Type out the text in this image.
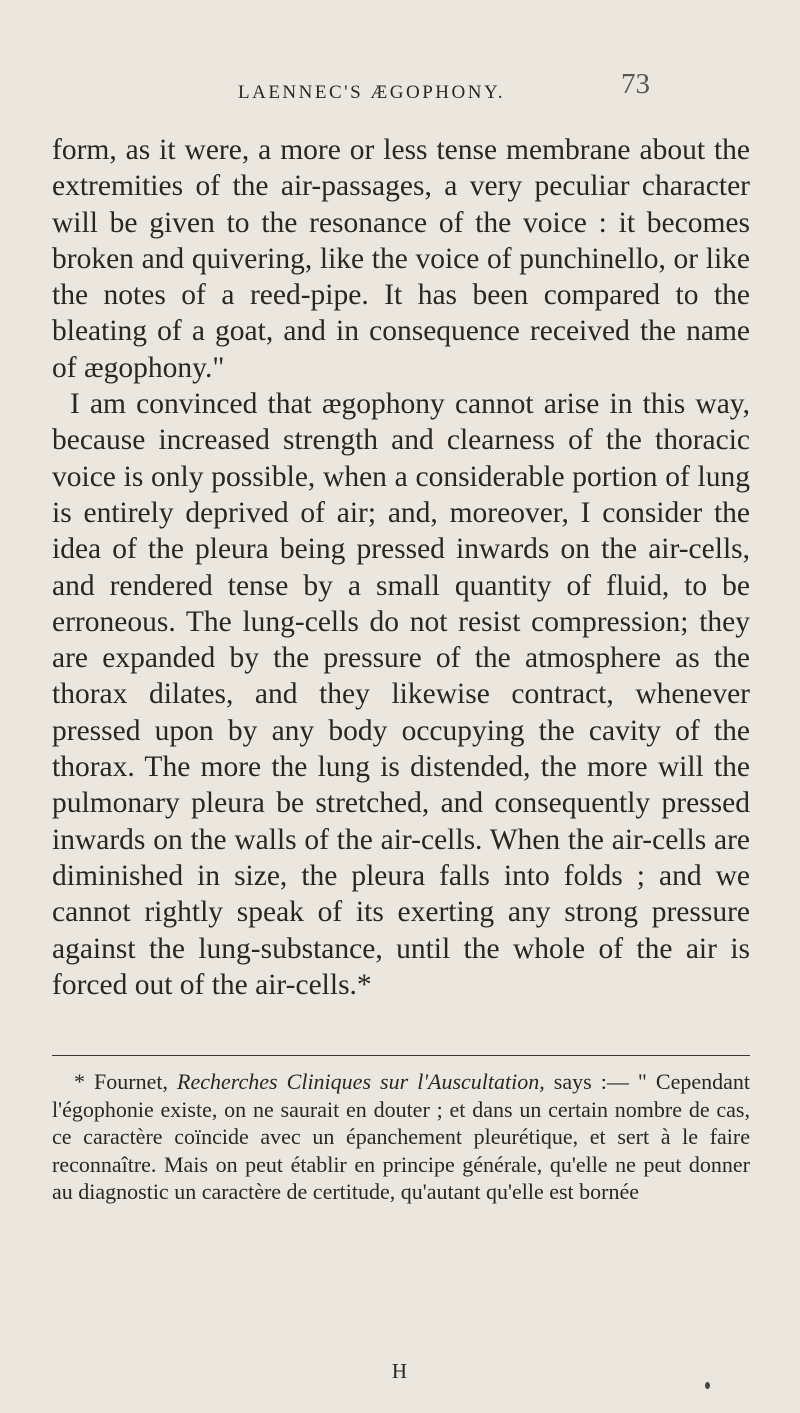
LAENNEC'S ÆGOPHONY.	73

form, as it were, a more or less tense membrane about the extremities of the air-passages, a very peculiar character will be given to the resonance of the voice : it becomes broken and quivering, like the voice of punchinello, or like the notes of a reed-pipe. It has been compared to the bleating of a goat, and in consequence received the name of ægophony."

I am convinced that ægophony cannot arise in this way, because increased strength and clearness of the thoracic voice is only possible, when a considerable portion of lung is entirely deprived of air; and, moreover, I consider the idea of the pleura being pressed inwards on the air-cells, and rendered tense by a small quantity of fluid, to be erroneous. The lung-cells do not resist compression; they are expanded by the pressure of the atmosphere as the thorax dilates, and they likewise contract, whenever pressed upon by any body occupying the cavity of the thorax. The more the lung is distended, the more will the pulmonary pleura be stretched, and consequently pressed inwards on the walls of the air-cells. When the air-cells are diminished in size, the pleura falls into folds ; and we cannot rightly speak of its exerting any strong pressure against the lung-substance, until the whole of the air is forced out of the air-cells.*

* Fournet, Recherches Cliniques sur l'Auscultation, says :— " Cependant l'égophonie existe, on ne saurait en douter ; et dans un certain nombre de cas, ce caractère coïncide avec un épanchement pleurétique, et sert à le faire reconnaître. Mais on peut établir en principe générale, qu'elle ne peut donner au diagnostic un caractère de certitude, qu'autant qu'elle est bornée
H
